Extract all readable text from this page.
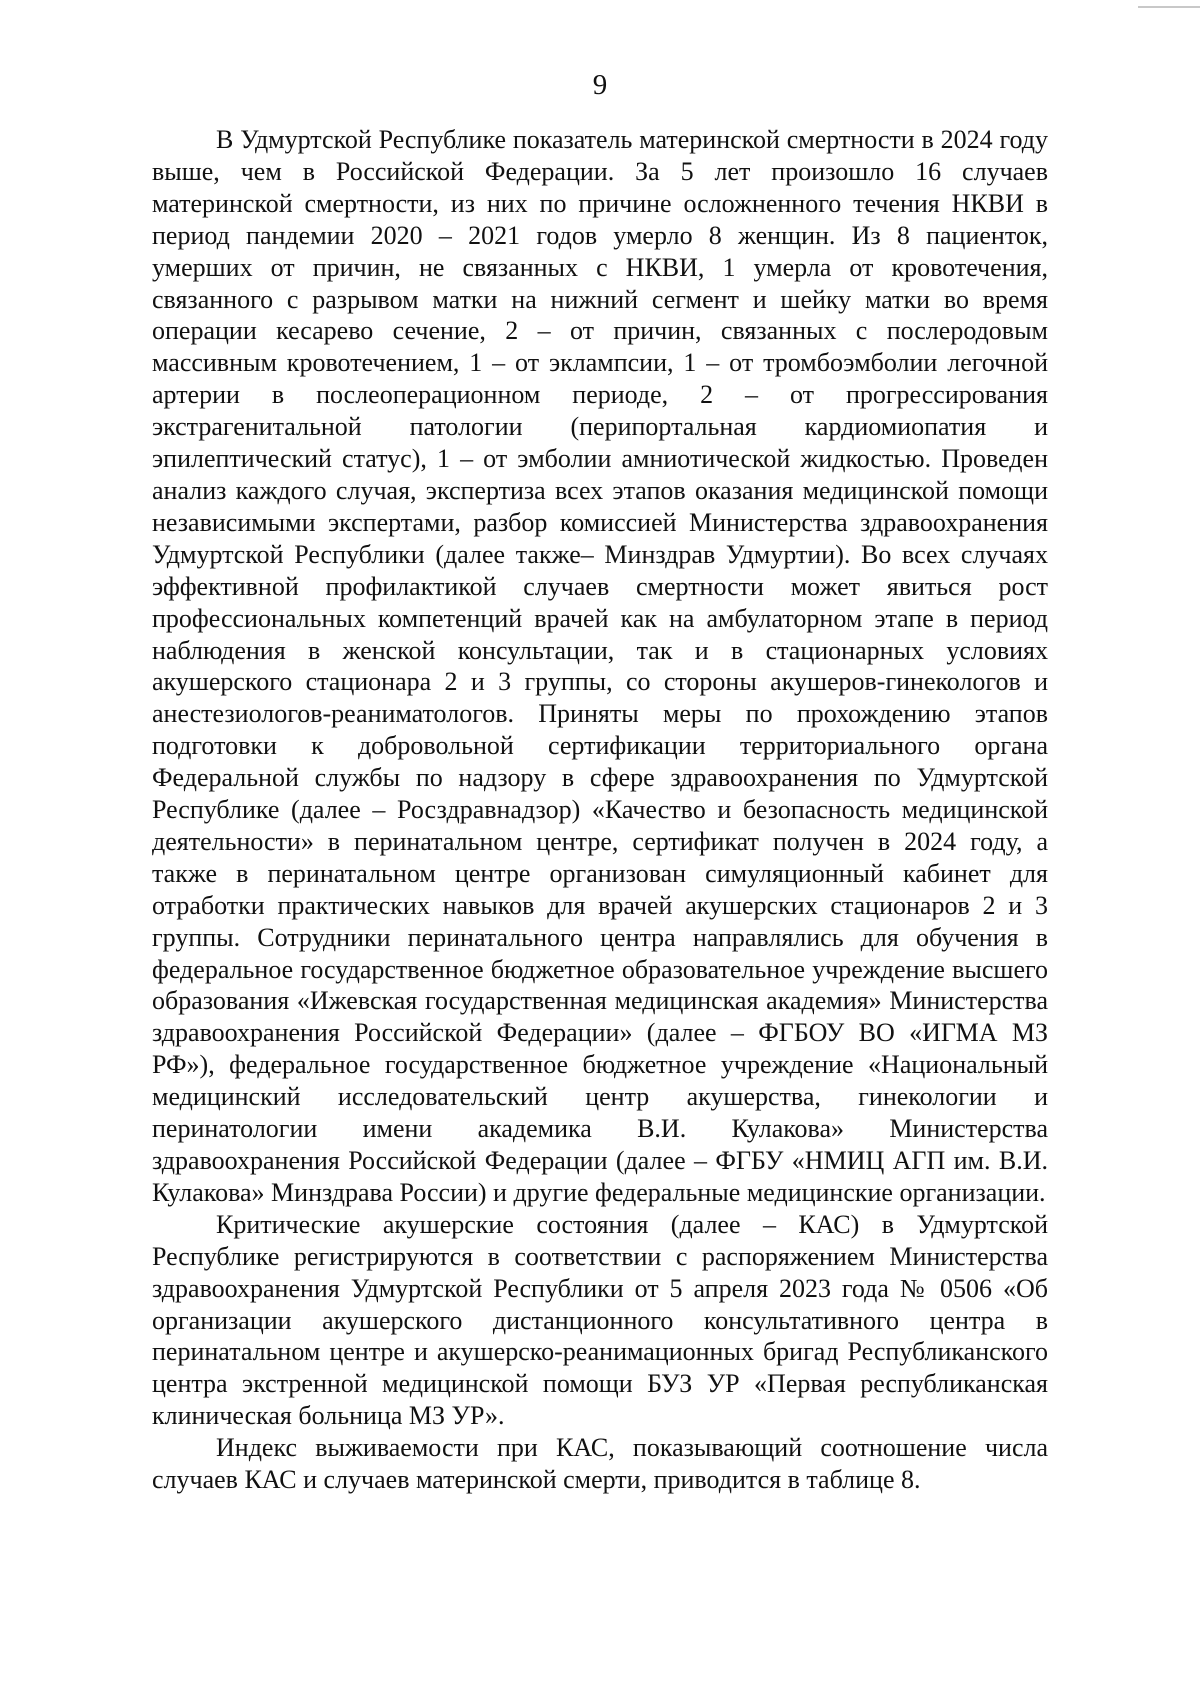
9

В Удмуртской Республике показатель материнской смертности в 2024 году выше, чем в Российской Федерации. За 5 лет произошло 16 случаев материнской смертности, из них по причине осложненного течения НКВИ в период пандемии 2020 – 2021 годов умерло 8 женщин. Из 8 пациенток, умерших от причин, не связанных с НКВИ, 1 умерла от кровотечения, связанного с разрывом матки на нижний сегмент и шейку матки во время операции кесарево сечение, 2 – от причин, связанных с послеродовым массивным кровотечением, 1 – от эклампсии, 1 – от тромбоэмболии легочной артерии в послеоперационном периоде, 2 – от прогрессирования экстрагенитальной патологии (перипортальная кардиомиопатия и эпилептический статус), 1 – от эмболии амниотической жидкостью. Проведен анализ каждого случая, экспертиза всех этапов оказания медицинской помощи независимыми экспертами, разбор комиссией Министерства здравоохранения Удмуртской Республики (далее также– Минздрав Удмуртии). Во всех случаях эффективной профилактикой случаев смертности может явиться рост профессиональных компетенций врачей как на амбулаторном этапе в период наблюдения в женской консультации, так и в стационарных условиях акушерского стационара 2 и 3 группы, со стороны акушеров-гинекологов и анестезиологов-реаниматологов. Приняты меры по прохождению этапов подготовки к добровольной сертификации территориального органа Федеральной службы по надзору в сфере здравоохранения по Удмуртской Республике (далее – Росздравнадзор) «Качество и безопасность медицинской деятельности» в перинатальном центре, сертификат получен в 2024 году, а также в перинатальном центре организован симуляционный кабинет для отработки практических навыков для врачей акушерских стационаров 2 и 3 группы. Сотрудники перинатального центра направлялись для обучения в федеральное государственное бюджетное образовательное учреждение высшего образования «Ижевская государственная медицинская академия» Министерства здравоохранения Российской Федерации» (далее – ФГБОУ ВО «ИГМА МЗ РФ»), федеральное государственное бюджетное учреждение «Национальный медицинский исследовательский центр акушерства, гинекологии и перинатологии имени академика В.И. Кулакова» Министерства здравоохранения Российской Федерации (далее – ФГБУ «НМИЦ АГП им. В.И. Кулакова» Минздрава России) и другие федеральные медицинские организации.

Критические акушерские состояния (далее – КАС) в Удмуртской Республике регистрируются в соответствии с распоряжением Министерства здравоохранения Удмуртской Республики от 5 апреля 2023 года № 0506 «Об организации акушерского дистанционного консультативного центра в перинатальном центре и акушерско-реанимационных бригад Республиканского центра экстренной медицинской помощи БУЗ УР «Первая республиканская клиническая больница МЗ УР».

Индекс выживаемости при КАС, показывающий соотношение числа случаев КАС и случаев материнской смерти, приводится в таблице 8.
